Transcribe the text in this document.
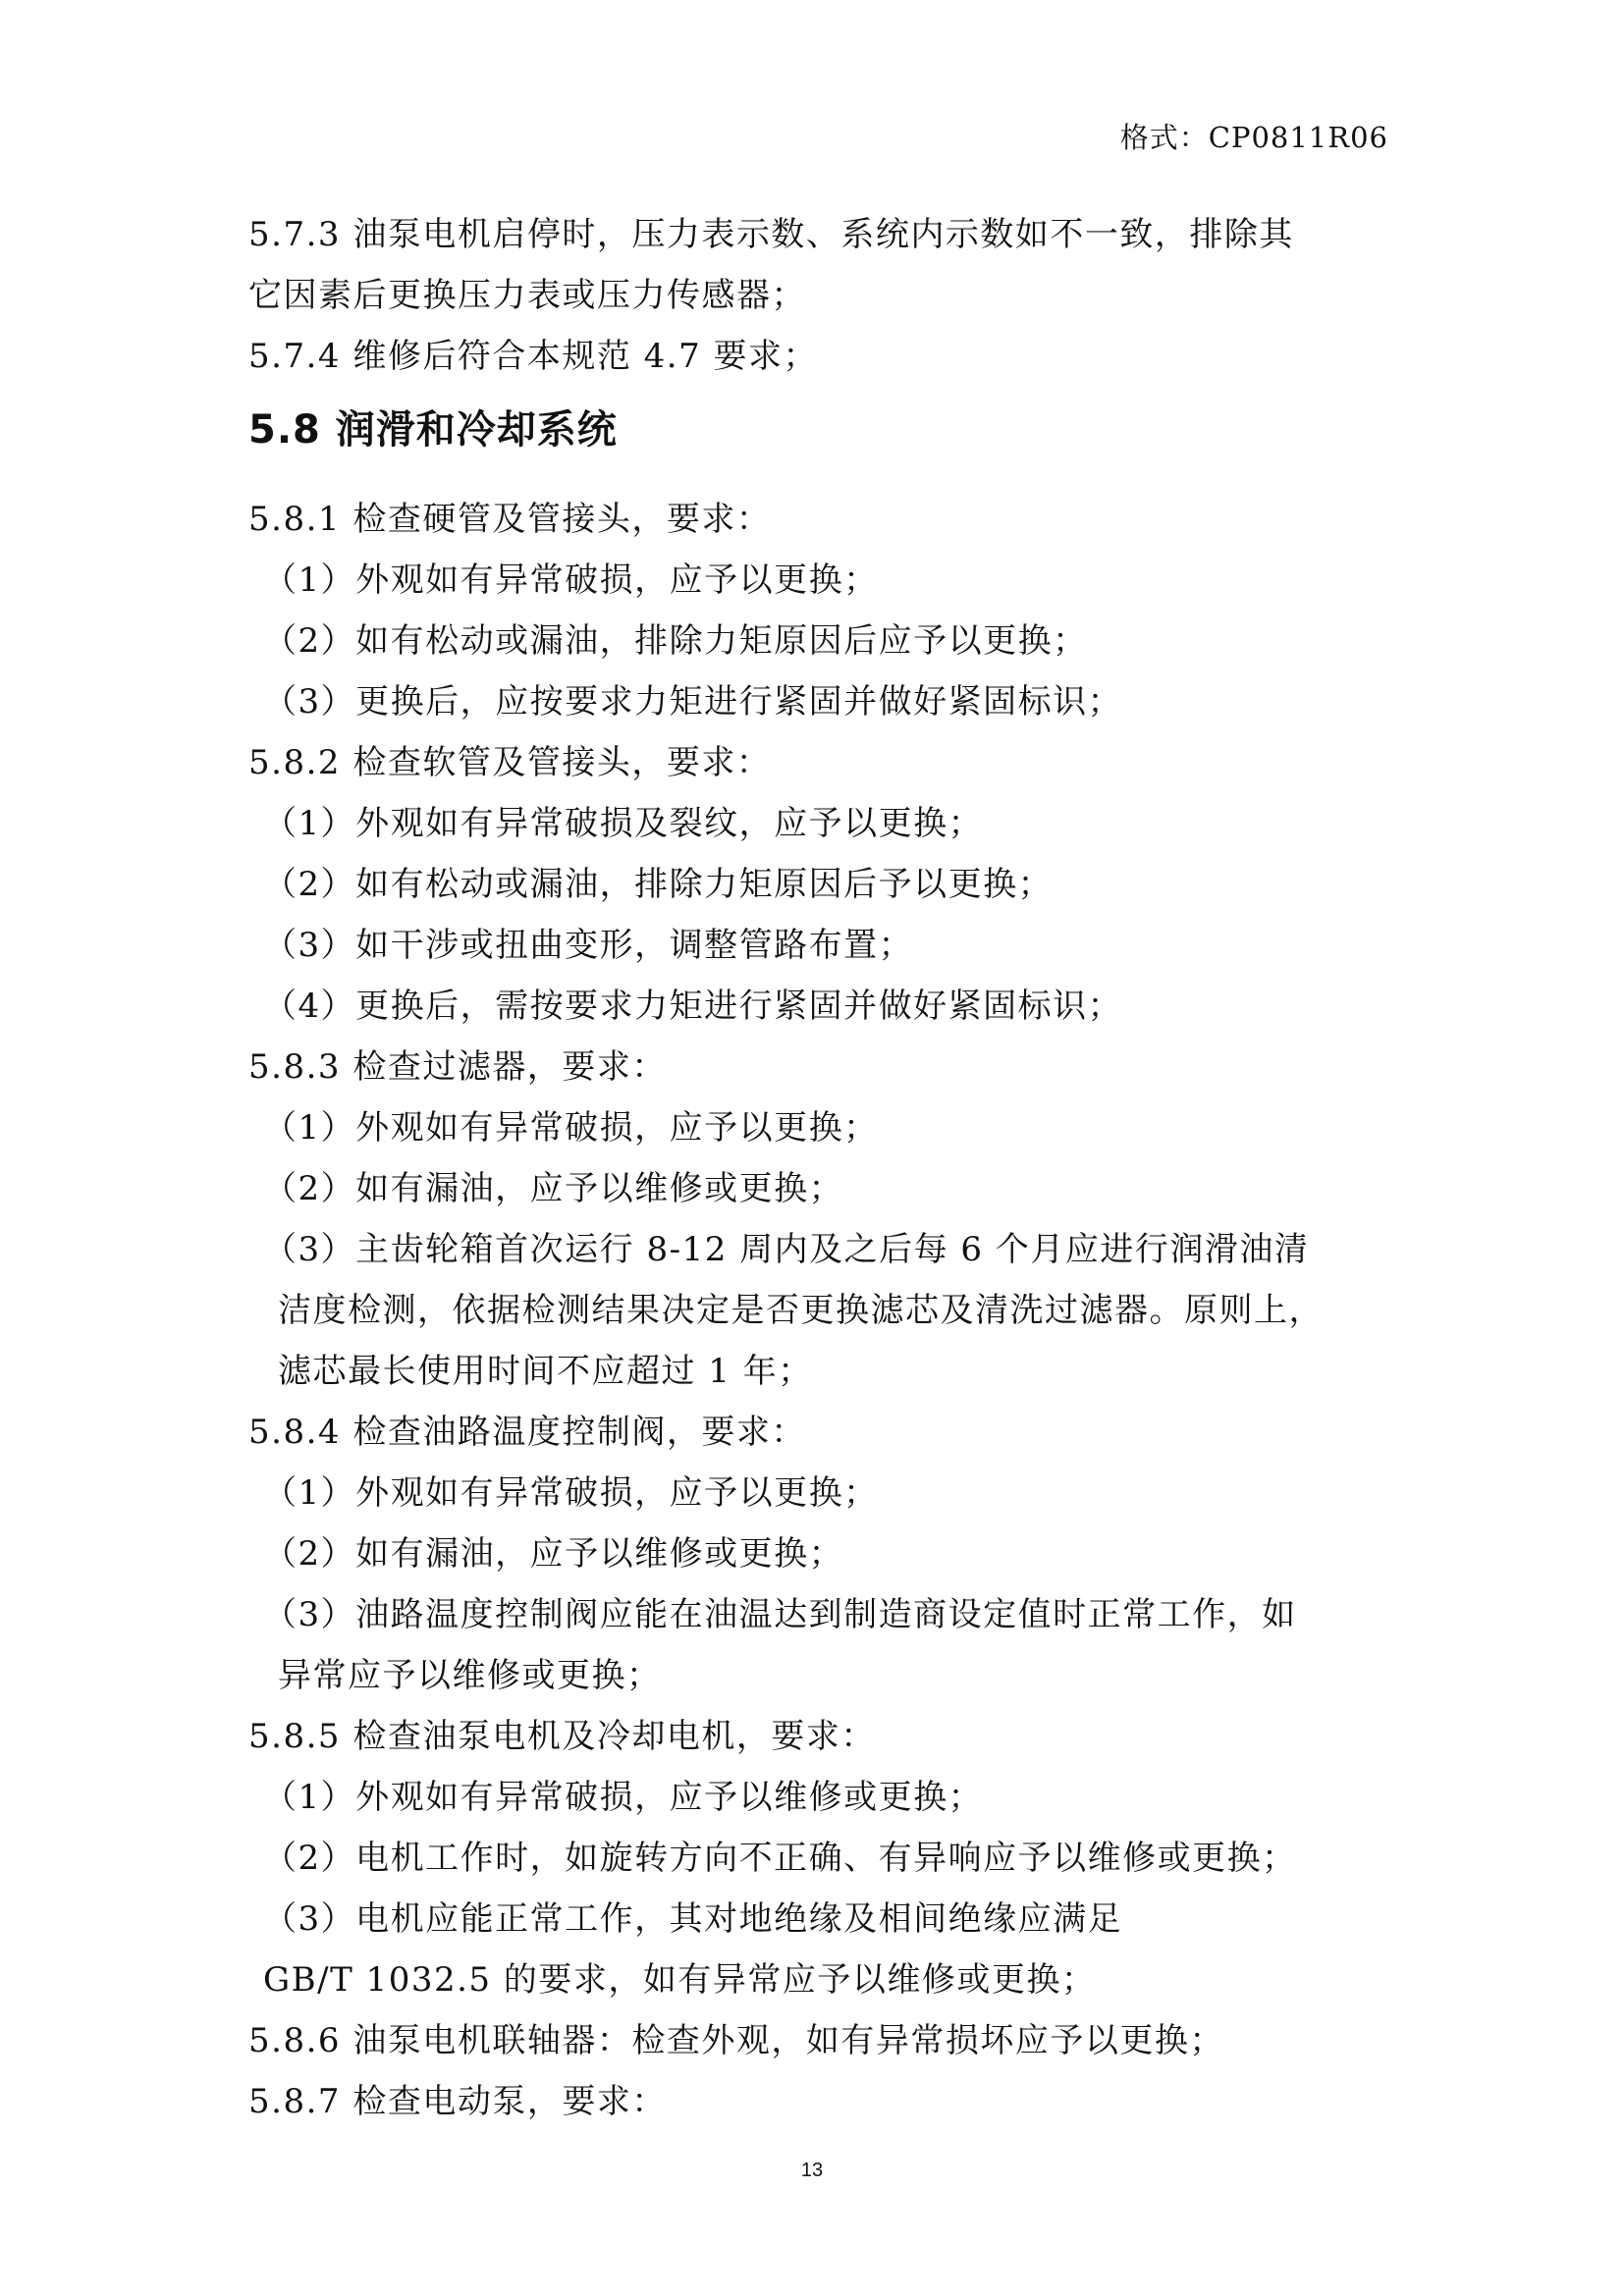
格式：CP0811R06
5.7.3 油泵电机启停时，压力表示数、系统内示数如不一致，排除其
它因素后更换压力表或压力传感器；
5.7.4 维修后符合本规范 4.7 要求；
5.8 润滑和冷却系统
5.8.1 检查硬管及管接头，要求：
（1）外观如有异常破损，应予以更换；
（2）如有松动或漏油，排除力矩原因后应予以更换；
（3）更换后，应按要求力矩进行紧固并做好紧固标识；
5.8.2 检查软管及管接头，要求：
（1）外观如有异常破损及裂纹，应予以更换；
（2）如有松动或漏油，排除力矩原因后予以更换；
（3）如干涉或扭曲变形，调整管路布置；
（4）更换后，需按要求力矩进行紧固并做好紧固标识；
5.8.3 检查过滤器，要求：
（1）外观如有异常破损，应予以更换；
（2）如有漏油，应予以维修或更换；
（3）主齿轮箱首次运行 8-12 周内及之后每 6 个月应进行润滑油清
洁度检测，依据检测结果决定是否更换滤芯及清洗过滤器。原则上，
滤芯最长使用时间不应超过 1 年；
5.8.4 检查油路温度控制阀，要求：
（1）外观如有异常破损，应予以更换；
（2）如有漏油，应予以维修或更换；
（3）油路温度控制阀应能在油温达到制造商设定值时正常工作，如
异常应予以维修或更换；
5.8.5 检查油泵电机及冷却电机，要求：
（1）外观如有异常破损，应予以维修或更换；
（2）电机工作时，如旋转方向不正确、有异响应予以维修或更换；
（3）电机应能正常工作，其对地绝缘及相间绝缘应满足
GB/T 1032.5 的要求，如有异常应予以维修或更换；
5.8.6 油泵电机联轴器：检查外观，如有异常损坏应予以更换；
5.8.7 检查电动泵，要求：
13
